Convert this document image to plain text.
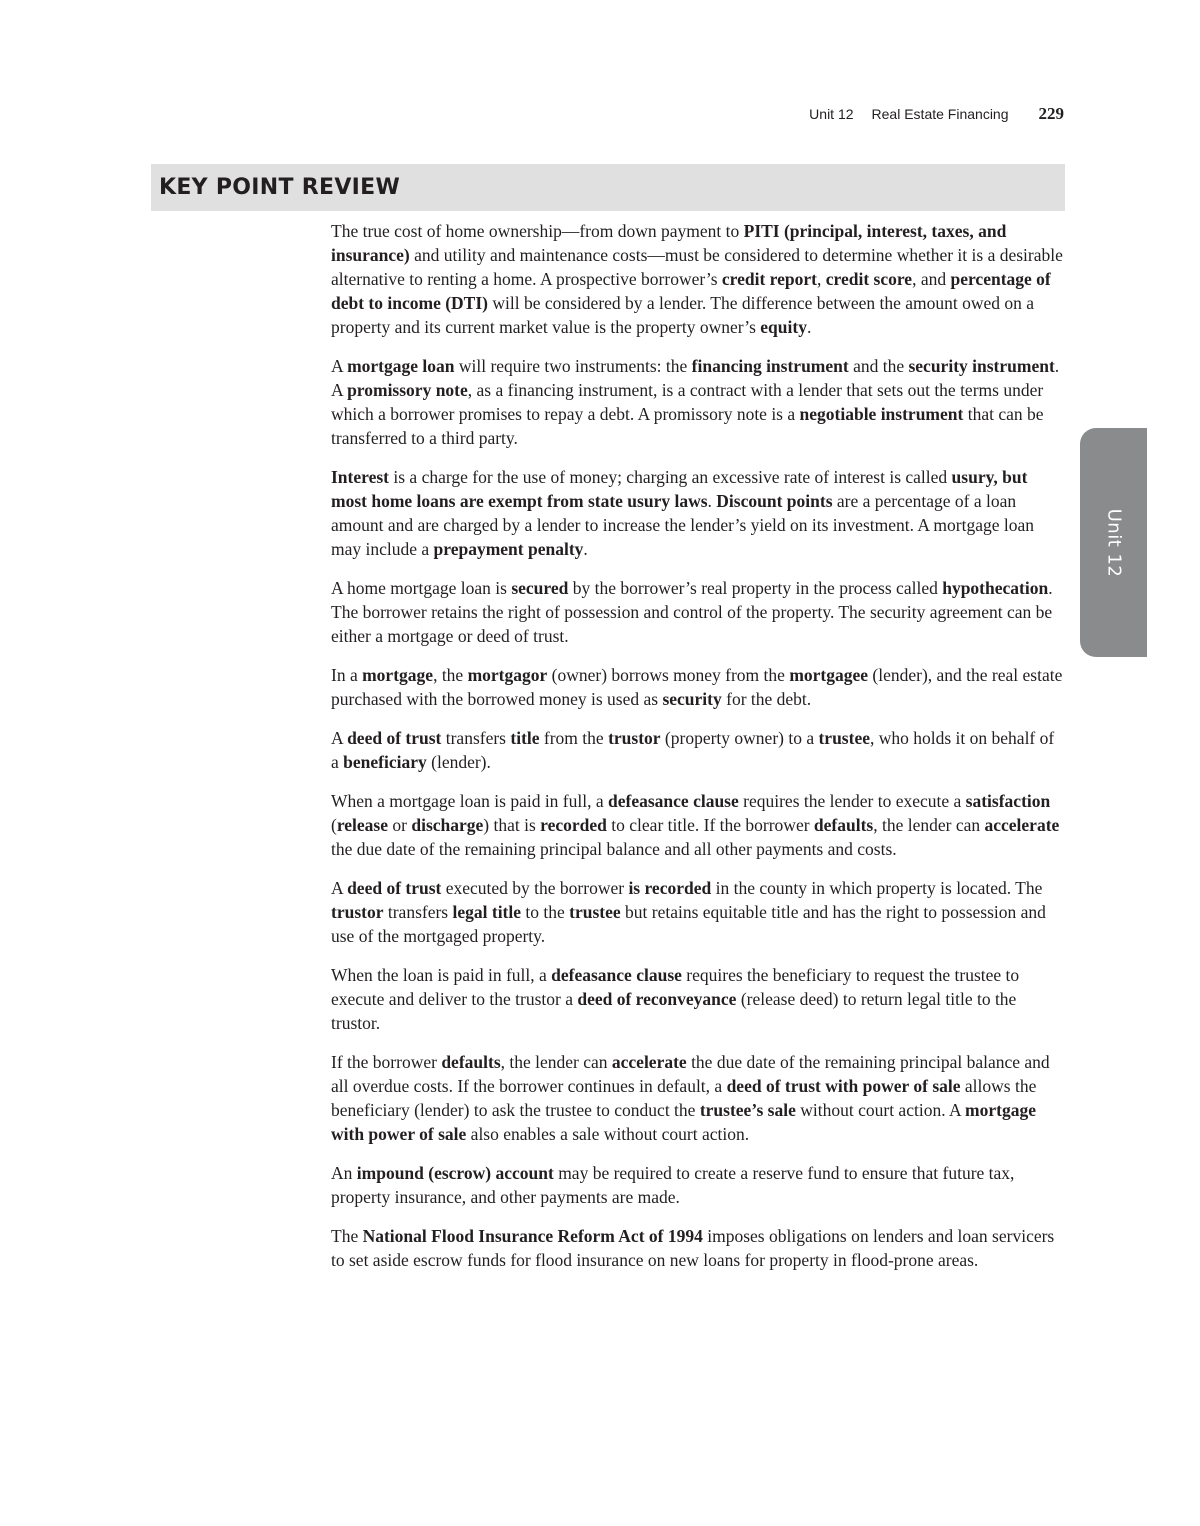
Unit 12 Real Estate Financing 229
KEY POINT REVIEW
Unit 12

The true cost of home ownership—from down payment to PITI (principal, interest, taxes, and insurance) and utility and maintenance costs—must be considered to determine whether it is a desirable alternative to renting a home. A prospective borrower’s credit report, credit score, and percentage of debt to income (DTI) will be considered by a lender. The difference between the amount owed on a property and its current market value is the property owner’s equity.

A mortgage loan will require two instruments: the financing instrument and the security instrument. A promissory note, as a financing instrument, is a contract with a lender that sets out the terms under which a borrower promises to repay a debt. A promissory note is a negotiable instrument that can be transferred to a third party.

Interest is a charge for the use of money; charging an excessive rate of interest is called usury, but most home loans are exempt from state usury laws. Discount points are a percentage of a loan amount and are charged by a lender to increase the lender’s yield on its investment. A mortgage loan may include a prepayment penalty.

A home mortgage loan is secured by the borrower’s real property in the process called hypothecation. The borrower retains the right of possession and control of the property. The security agreement can be either a mortgage or deed of trust.

In a mortgage, the mortgagor (owner) borrows money from the mortgagee (lender), and the real estate purchased with the borrowed money is used as security for the debt.

A deed of trust transfers title from the trustor (property owner) to a trustee, who holds it on behalf of a beneficiary (lender).

When a mortgage loan is paid in full, a defeasance clause requires the lender to execute a satisfaction (release or discharge) that is recorded to clear title. If the borrower defaults, the lender can accelerate the due date of the remaining principal balance and all other payments and costs.

A deed of trust executed by the borrower is recorded in the county in which property is located. The trustor transfers legal title to the trustee but retains equitable title and has the right to possession and use of the mortgaged property.

When the loan is paid in full, a defeasance clause requires the beneficiary to request the trustee to execute and deliver to the trustor a deed of reconveyance (release deed) to return legal title to the trustor.

If the borrower defaults, the lender can accelerate the due date of the remaining principal balance and all overdue costs. If the borrower continues in default, a deed of trust with power of sale allows the beneficiary (lender) to ask the trustee to conduct the trustee’s sale without court action. A mortgage with power of sale also enables a sale without court action.

An impound (escrow) account may be required to create a reserve fund to ensure that future tax, property insurance, and other payments are made.

The National Flood Insurance Reform Act of 1994 imposes obligations on lenders and loan servicers to set aside escrow funds for flood insurance on new loans for property in flood-prone areas.
